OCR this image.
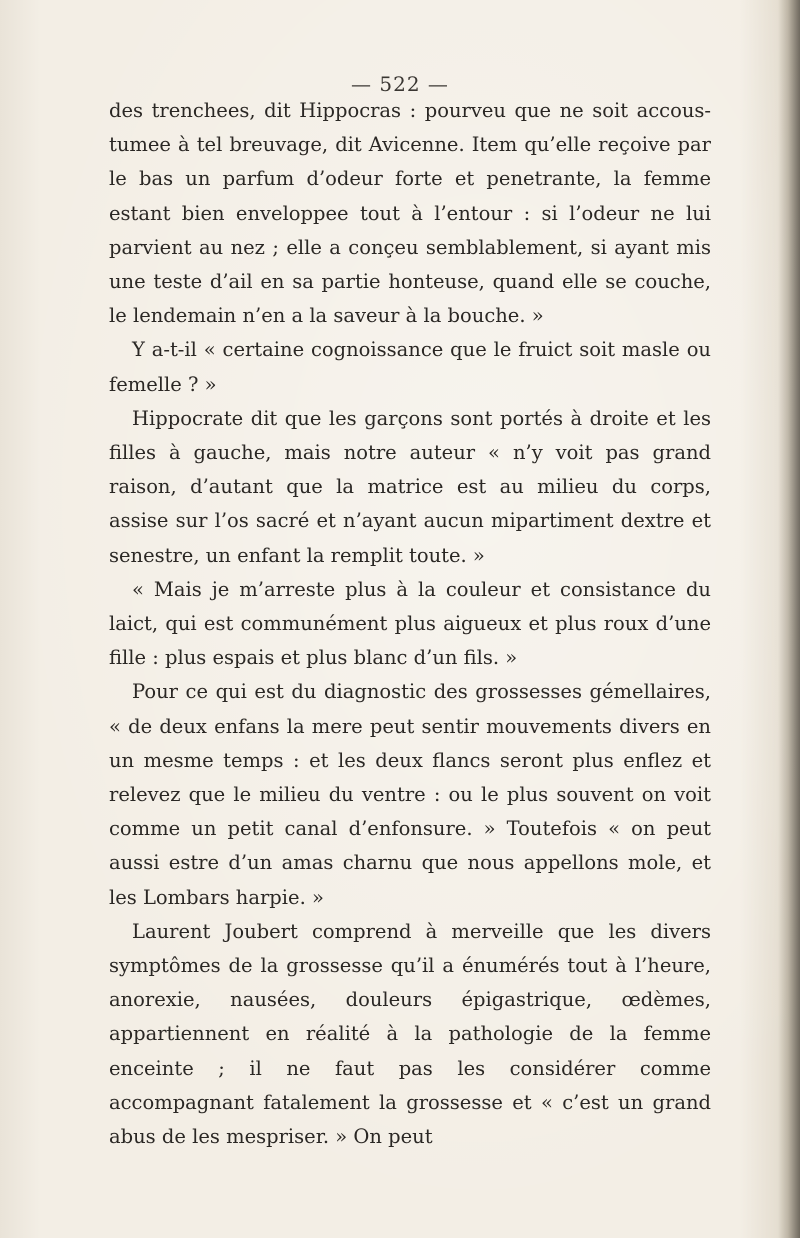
— 522 —

des trenchees, dit Hippocras : pourveu que ne soit accoustumee à tel breuvage, dit Avicenne. Item qu’elle reçoive par le bas un parfum d’odeur forte et penetrante, la femme estant bien enveloppee tout à l’entour : si l’odeur ne lui parvient au nez ; elle a conçeu semblablement, si ayant mis une teste d’ail en sa partie honteuse, quand elle se couche, le lendemain n’en a la saveur à la bouche. »

Y a-t-il « certaine cognoissance que le fruict soit masle ou femelle ? »

Hippocrate dit que les garçons sont portés à droite et les filles à gauche, mais notre auteur « n’y voit pas grand raison, d’autant que la matrice est au milieu du corps, assise sur l’os sacré et n’ayant aucun mipartiment dextre et senestre, un enfant la remplit toute. »

« Mais je m’arreste plus à la couleur et consistance du laict, qui est communément plus aigueux et plus roux d’une fille : plus espais et plus blanc d’un fils. »

Pour ce qui est du diagnostic des grossesses gémellaires, « de deux enfans la mere peut sentir mouvements divers en un mesme temps : et les deux flancs seront plus enflez et relevez que le milieu du ventre : ou le plus souvent on voit comme un petit canal d’enfonsure. » Toutefois « on peut aussi estre d’un amas charnu que nous appellons mole, et les Lombars harpie. »

Laurent Joubert comprend à merveille que les divers symptômes de la grossesse qu’il a énumérés tout à l’heure, anorexie, nausées, douleurs épigastrique, œdèmes, appartiennent en réalité à la pathologie de la femme enceinte ; il ne faut pas les considérer comme accompagnant fatalement la grossesse et « c’est un grand abus de les mespriser. » On peut
